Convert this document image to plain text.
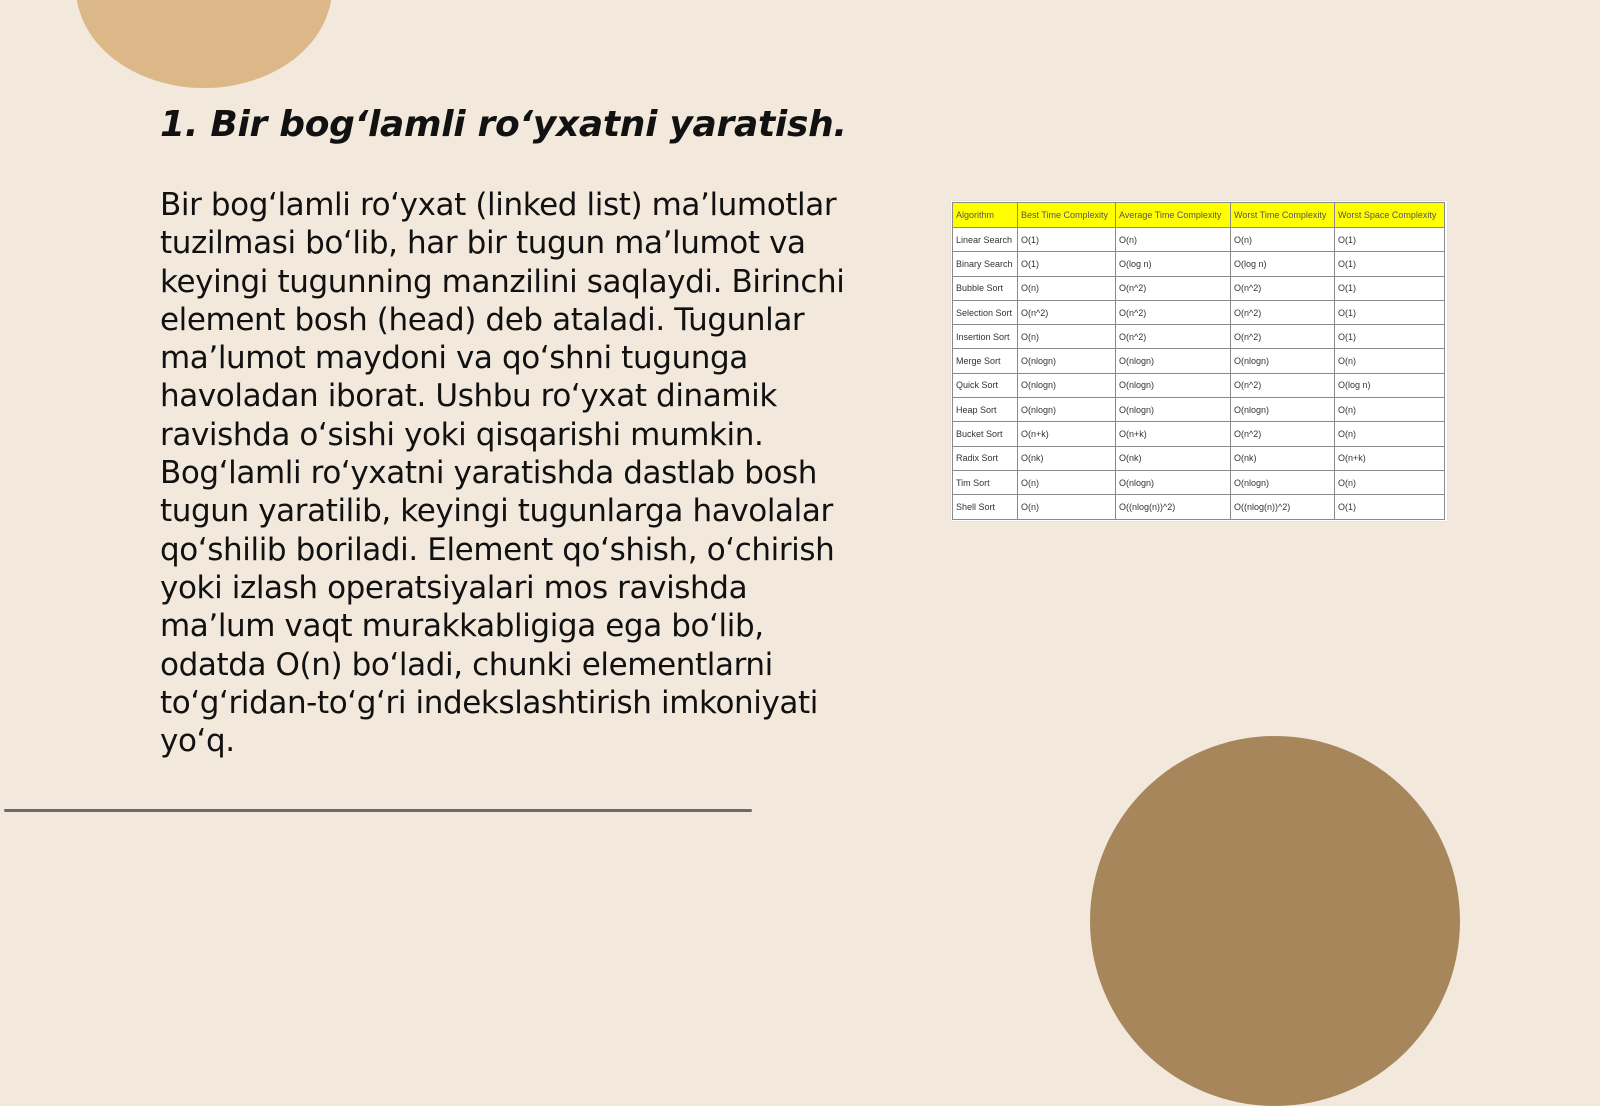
1. Bir bog‘lamli ro‘yxatni yaratish.

Bir bog‘lamli ro‘yxat (linked list) ma’lumotlar tuzilmasi bo‘lib, har bir tugun ma’lumot va keyingi tugunning manzilini saqlaydi. Birinchi element bosh (head) deb ataladi. Tugunlar ma’lumot maydoni va qo‘shni tugunga havoladan iborat. Ushbu ro‘yxat dinamik ravishda o‘sishi yoki qisqarishi mumkin. Bog‘lamli ro‘yxatni yaratishda dastlab bosh tugun yaratilib, keyingi tugunlarga havolalar qo‘shilib boriladi. Element qo‘shish, o‘chirish yoki izlash operatsiyalari mos ravishda ma’lum vaqt murakkabligiga ega bo‘lib, odatda O(n) bo‘ladi, chunki elementlarni to‘g‘ridan-to‘g‘ri indekslashtirish imkoniyati yo‘q.

Algorithm	Best Time Complexity	Average Time Complexity	Worst Time Complexity	Worst Space Complexity
Linear Search	O(1)	O(n)	O(n)	O(1)
Binary Search	O(1)	O(log n)	O(log n)	O(1)
Bubble Sort	O(n)	O(n^2)	O(n^2)	O(1)
Selection Sort	O(n^2)	O(n^2)	O(n^2)	O(1)
Insertion Sort	O(n)	O(n^2)	O(n^2)	O(1)
Merge Sort	O(nlogn)	O(nlogn)	O(nlogn)	O(n)
Quick Sort	O(nlogn)	O(nlogn)	O(n^2)	O(log n)
Heap Sort	O(nlogn)	O(nlogn)	O(nlogn)	O(n)
Bucket Sort	O(n+k)	O(n+k)	O(n^2)	O(n)
Radix Sort	O(nk)	O(nk)	O(nk)	O(n+k)
Tim Sort	O(n)	O(nlogn)	O(nlogn)	O(n)
Shell Sort	O(n)	O((nlog(n))^2)	O((nlog(n))^2)	O(1)
